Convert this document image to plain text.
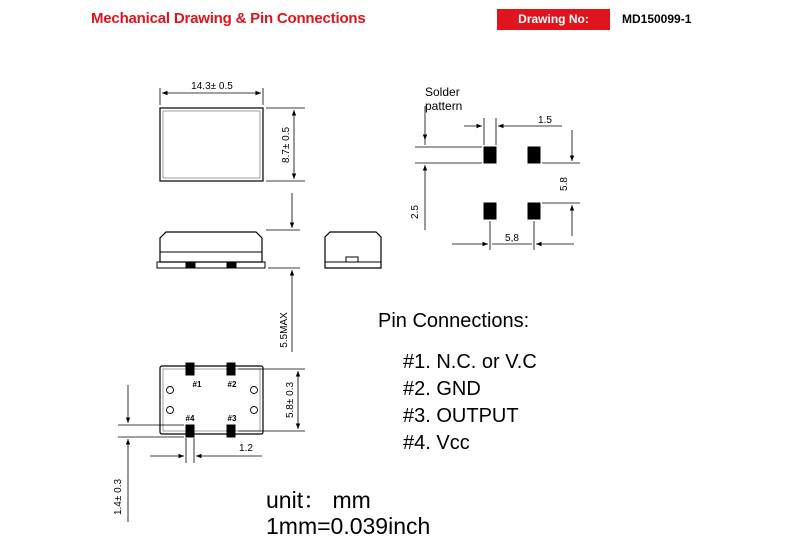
Mechanical Drawing & Pin Connections	Drawing No:	MD150099-1
14.3± 0.5
8.7± 0.5
5.5MAX
5.8± 0.3
1.2
1.4± 0.3
#1	#2
#4	#3
Solder
pattern
1.5
5.8
2.5
5,8
Pin Connections:
#1. N.C. or V.C
#2. GND
#3. OUTPUT
#4. Vcc
unit： mm
1mm=0.039inch
